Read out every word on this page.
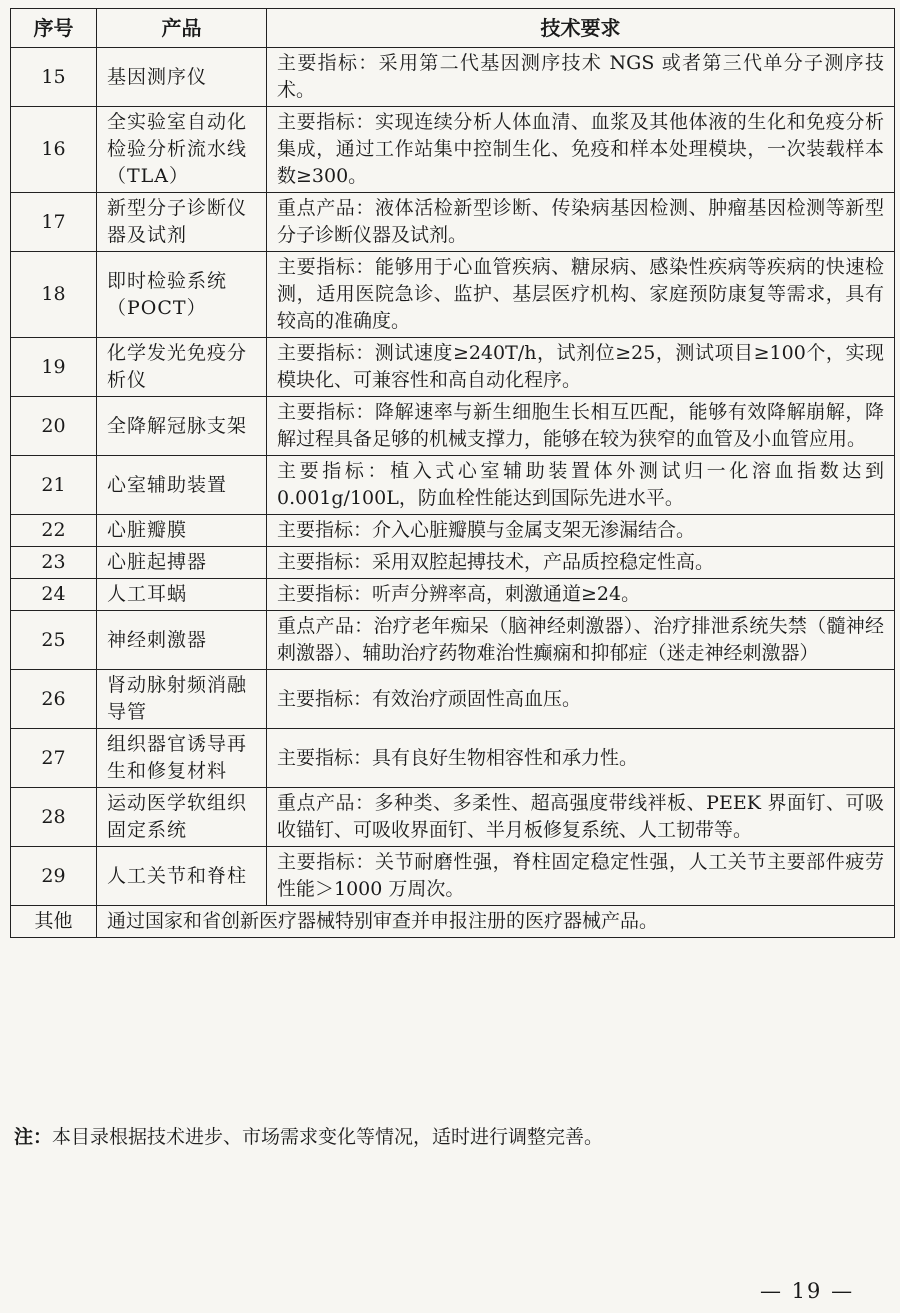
序号	产品	技术要求
15	基因测序仪	主要指标：采用第二代基因测序技术 NGS 或者第三代单分子测序技术。
16	全实验室自动化检验分析流水线（TLA）	主要指标：实现连续分析人体血清、血浆及其他体液的生化和免疫分析集成，通过工作站集中控制生化、免疫和样本处理模块，一次装载样本数≥300。
17	新型分子诊断仪器及试剂	重点产品：液体活检新型诊断、传染病基因检测、肿瘤基因检测等新型分子诊断仪器及试剂。
18	即时检验系统（POCT）	主要指标：能够用于心血管疾病、糖尿病、感染性疾病等疾病的快速检测，适用医院急诊、监护、基层医疗机构、家庭预防康复等需求，具有较高的准确度。
19	化学发光免疫分析仪	主要指标：测试速度≥240T/h，试剂位≥25，测试项目≥100个，实现模块化、可兼容性和高自动化程序。
20	全降解冠脉支架	主要指标：降解速率与新生细胞生长相互匹配，能够有效降解崩解，降解过程具备足够的机械支撑力，能够在较为狭窄的血管及小血管应用。
21	心室辅助装置	主要指标：植入式心室辅助装置体外测试归一化溶血指数达到 0.001g/100L，防血栓性能达到国际先进水平。
22	心脏瓣膜	主要指标：介入心脏瓣膜与金属支架无渗漏结合。
23	心脏起搏器	主要指标：采用双腔起搏技术，产品质控稳定性高。
24	人工耳蜗	主要指标：听声分辨率高，刺激通道≥24。
25	神经刺激器	重点产品：治疗老年痴呆（脑神经刺激器）、治疗排泄系统失禁（髓神经刺激器）、辅助治疗药物难治性癫痫和抑郁症（迷走神经刺激器）
26	肾动脉射频消融导管	主要指标：有效治疗顽固性高血压。
27	组织器官诱导再生和修复材料	主要指标：具有良好生物相容性和承力性。
28	运动医学软组织固定系统	重点产品：多种类、多柔性、超高强度带线袢板、PEEK 界面钉、可吸收锚钉、可吸收界面钉、半月板修复系统、人工韧带等。
29	人工关节和脊柱	主要指标：关节耐磨性强，脊柱固定稳定性强，人工关节主要部件疲劳性能＞1000 万周次。
其他	通过国家和省创新医疗器械特别审查并申报注册的医疗器械产品。	
注：本目录根据技术进步、市场需求变化等情况，适时进行调整完善。
— 19 —
